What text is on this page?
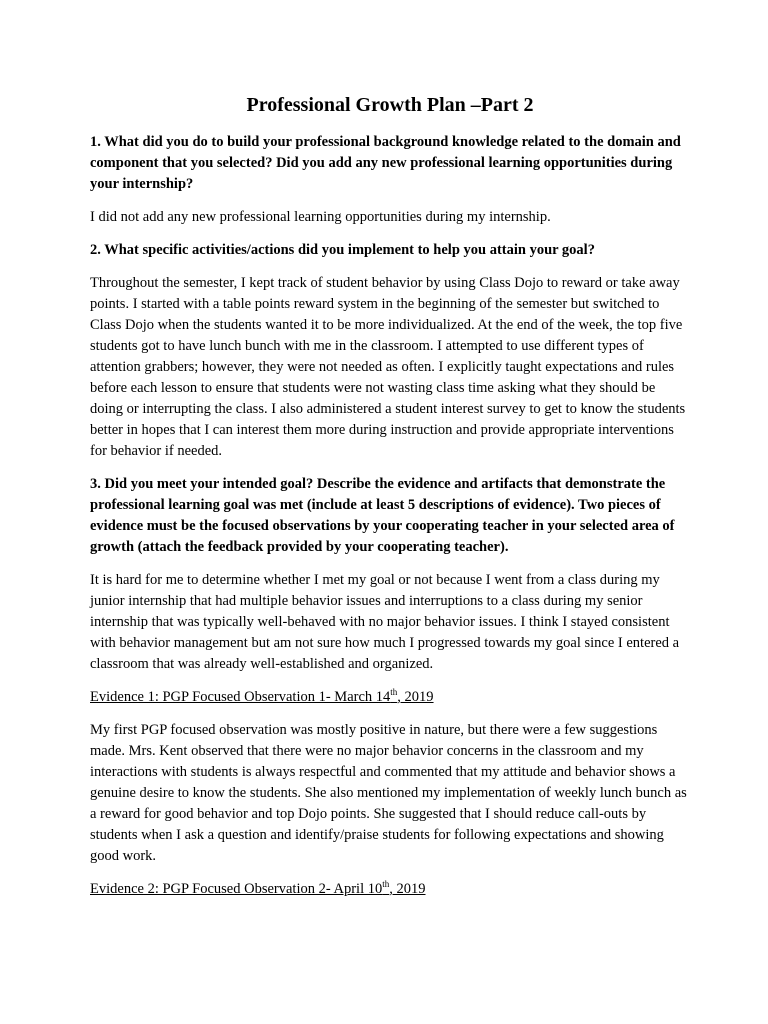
Professional Growth Plan –Part 2
1. What did you do to build your professional background knowledge related to the domain and component that you selected? Did you add any new professional learning opportunities during your internship?
I did not add any new professional learning opportunities during my internship.
2. What specific activities/actions did you implement to help you attain your goal?
Throughout the semester, I kept track of student behavior by using Class Dojo to reward or take away points. I started with a table points reward system in the beginning of the semester but switched to Class Dojo when the students wanted it to be more individualized. At the end of the week, the top five students got to have lunch bunch with me in the classroom. I attempted to use different types of attention grabbers; however, they were not needed as often. I explicitly taught expectations and rules before each lesson to ensure that students were not wasting class time asking what they should be doing or interrupting the class. I also administered a student interest survey to get to know the students better in hopes that I can interest them more during instruction and provide appropriate interventions for behavior if needed.
3. Did you meet your intended goal? Describe the evidence and artifacts that demonstrate the professional learning goal was met (include at least 5 descriptions of evidence). Two pieces of evidence must be the focused observations by your cooperating teacher in your selected area of growth (attach the feedback provided by your cooperating teacher).
It is hard for me to determine whether I met my goal or not because I went from a class during my junior internship that had multiple behavior issues and interruptions to a class during my senior internship that was typically well-behaved with no major behavior issues. I think I stayed consistent with behavior management but am not sure how much I progressed towards my goal since I entered a classroom that was already well-established and organized.
Evidence 1: PGP Focused Observation 1- March 14th, 2019
My first PGP focused observation was mostly positive in nature, but there were a few suggestions made. Mrs. Kent observed that there were no major behavior concerns in the classroom and my interactions with students is always respectful and commented that my attitude and behavior shows a genuine desire to know the students. She also mentioned my implementation of weekly lunch bunch as a reward for good behavior and top Dojo points. She suggested that I should reduce call-outs by students when I ask a question and identify/praise students for following expectations and showing good work.
Evidence 2: PGP Focused Observation 2- April 10th, 2019
